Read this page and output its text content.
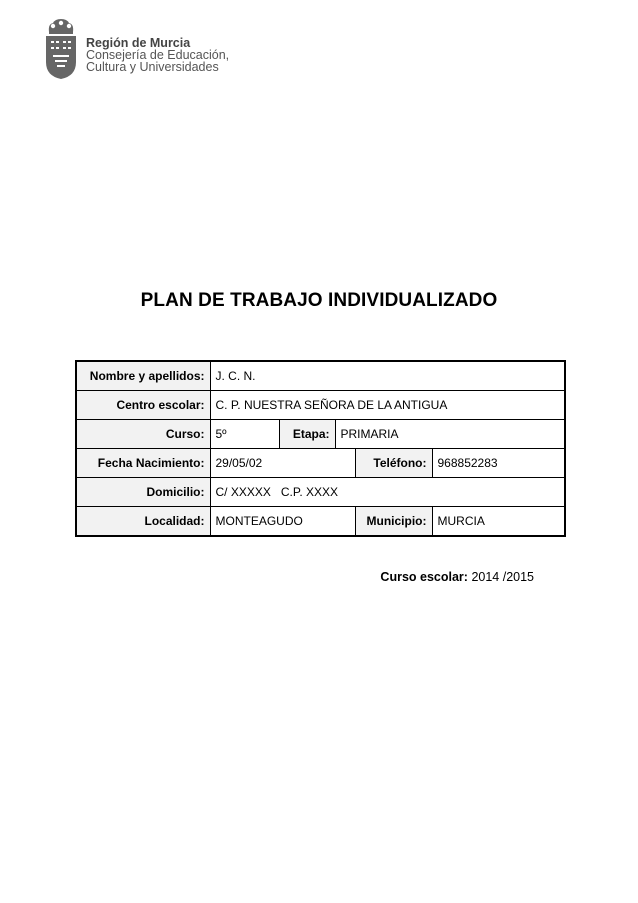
Región de Murcia
Consejería de Educación,
Cultura y Universidades
PLAN DE TRABAJO INDIVIDUALIZADO
Nombre y apellidos:	J. C. N.				
Centro escolar:	C. P. NUESTRA SEÑORA DE LA ANTIGUA				
Curso:	5º	Etapa:	PRIMARIA		
Fecha Nacimiento:	29/05/02			Teléfono:	968852283
Domicilio:	C/ XXXXX   C.P. XXXX				
Localidad:	MONTEAGUDO			Municipio:	MURCIA
Curso escolar: 2014 /2015
